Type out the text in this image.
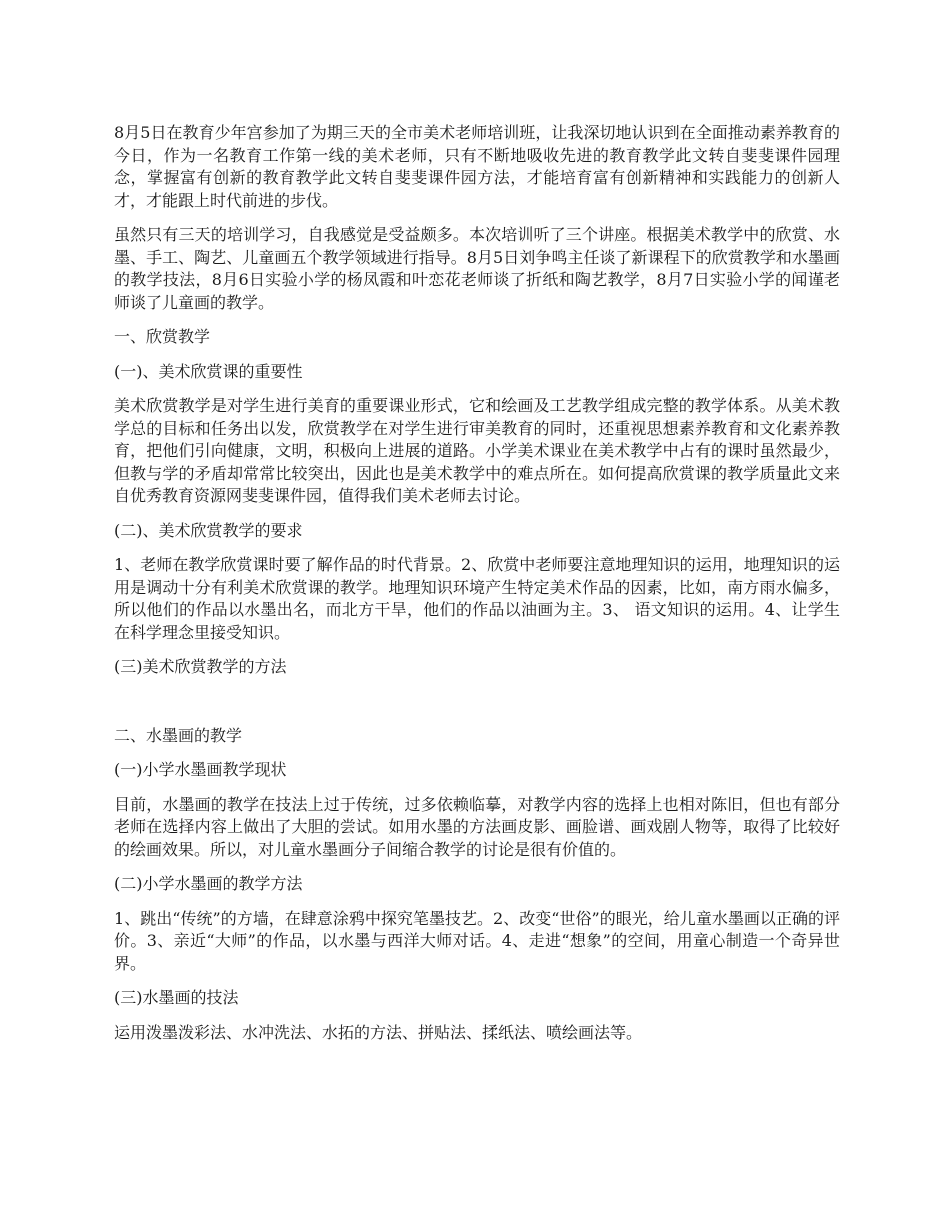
8月5日在教育少年宫参加了为期三天的全市美术老师培训班，让我深切地认识到在全面推动素养教育的今日，作为一名教育工作第一线的美术老师，只有不断地吸收先进的教育教学此文转自斐斐课件园理念，掌握富有创新的教育教学此文转自斐斐课件园方法，才能培育富有创新精神和实践能力的创新人才，才能跟上时代前进的步伐。

虽然只有三天的培训学习，自我感觉是受益颇多。本次培训听了三个讲座。根据美术教学中的欣赏、水墨、手工、陶艺、儿童画五个教学领域进行指导。8月5日刘争鸣主任谈了新课程下的欣赏教学和水墨画的教学技法，8月6日实验小学的杨凤霞和叶恋花老师谈了折纸和陶艺教学，8月7日实验小学的闻谨老师谈了儿童画的教学。

一、欣赏教学

(一)、美术欣赏课的重要性

美术欣赏教学是对学生进行美育的重要课业形式，它和绘画及工艺教学组成完整的教学体系。从美术教学总的目标和任务出以发，欣赏教学在对学生进行审美教育的同时，还重视思想素养教育和文化素养教育，把他们引向健康，文明，积极向上进展的道路。小学美术课业在美术教学中占有的课时虽然最少，但教与学的矛盾却常常比较突出，因此也是美术教学中的难点所在。如何提高欣赏课的教学质量此文来自优秀教育资源网斐斐课件园，值得我们美术老师去讨论。

(二)、美术欣赏教学的要求

1、老师在教学欣赏课时要了解作品的时代背景。2、欣赏中老师要注意地理知识的运用，地理知识的运用是调动十分有利美术欣赏课的教学。地理知识环境产生特定美术作品的因素，比如，南方雨水偏多，所以他们的作品以水墨出名，而北方干旱，他们的作品以油画为主。3、 语文知识的运用。4、让学生在科学理念里接受知识。

(三)美术欣赏教学的方法

二、水墨画的教学

(一)小学水墨画教学现状

目前，水墨画的教学在技法上过于传统，过多依赖临摹，对教学内容的选择上也相对陈旧，但也有部分老师在选择内容上做出了大胆的尝试。如用水墨的方法画皮影、画脸谱、画戏剧人物等，取得了比较好的绘画效果。所以，对儿童水墨画分子间缩合教学的讨论是很有价值的。

(二)小学水墨画的教学方法

1、跳出“传统”的方墙，在肆意涂鸦中探究笔墨技艺。2、改变“世俗”的眼光，给儿童水墨画以正确的评价。3、亲近“大师”的作品，以水墨与西洋大师对话。4、走进“想象”的空间，用童心制造一个奇异世界。

(三)水墨画的技法

运用泼墨泼彩法、水冲洗法、水拓的方法、拼贴法、揉纸法、喷绘画法等。
